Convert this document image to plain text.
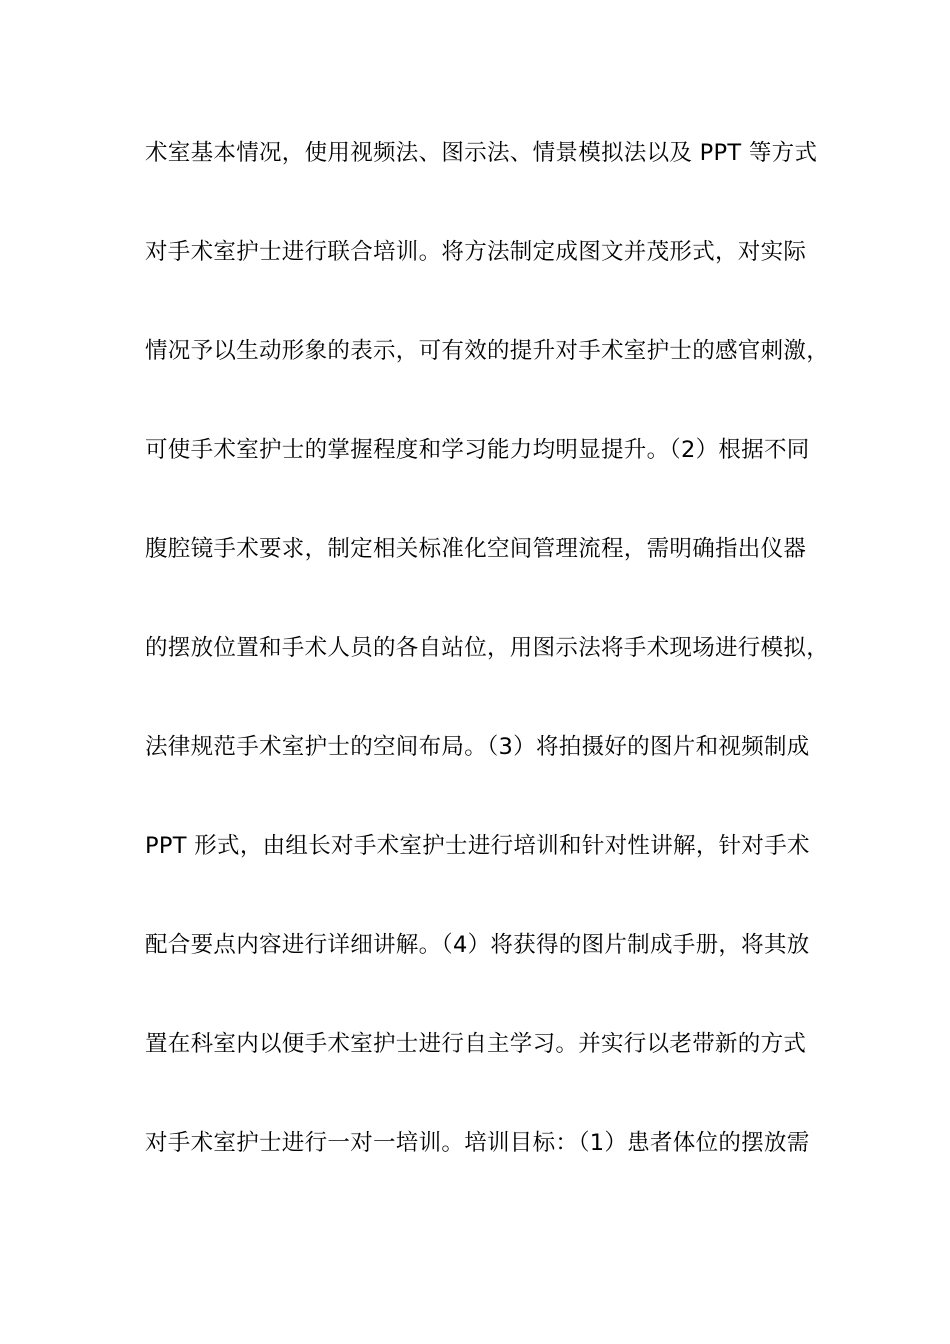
术室基本情况，使用视频法、图示法、情景模拟法以及 PPT 等方式
对手术室护士进行联合培训。将方法制定成图文并茂形式，对实际
情况予以生动形象的表示，可有效的提升对手术室护士的感官刺激，
可使手术室护士的掌握程度和学习能力均明显提升。（2）根据不同
腹腔镜手术要求，制定相关标准化空间管理流程，需明确指出仪器
的摆放位置和手术人员的各自站位，用图示法将手术现场进行模拟，
法律规范手术室护士的空间布局。（3）将拍摄好的图片和视频制成
PPT 形式，由组长对手术室护士进行培训和针对性讲解，针对手术
配合要点内容进行详细讲解。（4）将获得的图片制成手册，将其放
置在科室内以便手术室护士进行自主学习。并实行以老带新的方式
对手术室护士进行一对一培训。培训目标：（1）患者体位的摆放需
